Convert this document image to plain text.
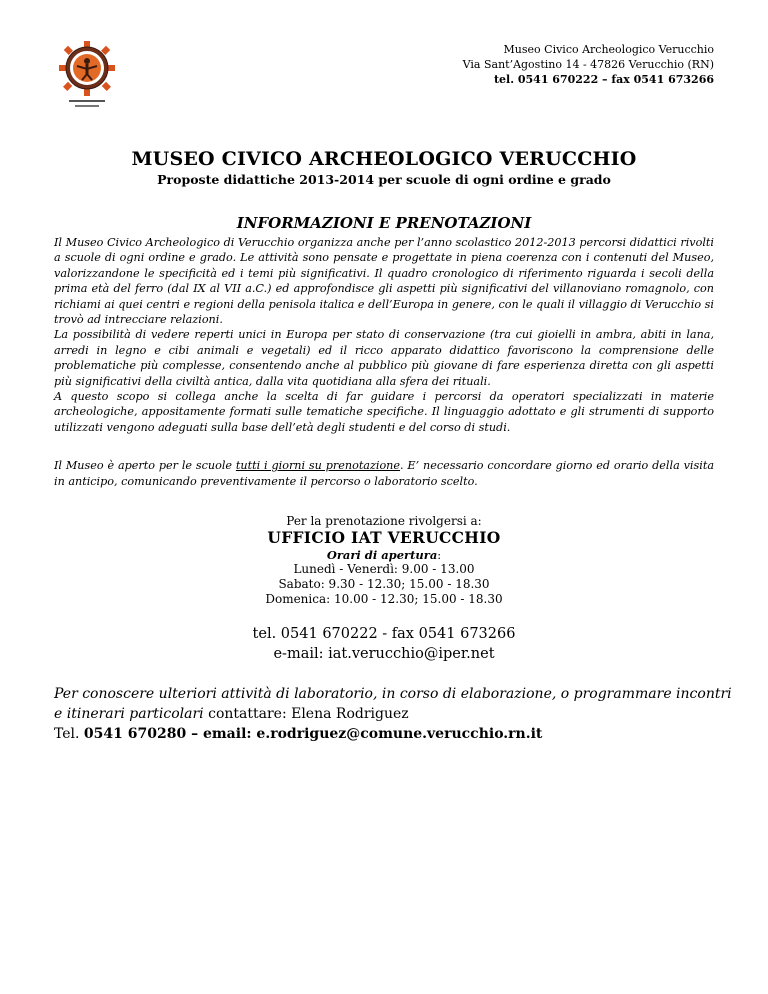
Museo Civico Archeologico Verucchio
Via Sant’Agostino 14 - 47826 Verucchio (RN)
tel. 0541 670222 – fax 0541 673266
MUSEO CIVICO ARCHEOLOGICO VERUCCHIO
Proposte didattiche 2013-2014 per scuole di ogni ordine e grado
INFORMAZIONI E PRENOTAZIONI

Il Museo Civico Archeologico di Verucchio organizza anche per l’anno scolastico 2012-2013 percorsi didattici rivolti a scuole di ogni ordine e grado. Le attività sono pensate e progettate in piena coerenza con i contenuti del Museo, valorizzandone le specificità ed i temi più significativi. Il quadro cronologico di riferimento riguarda i secoli della prima età del ferro (dal IX al VII a.C.) ed approfondisce gli aspetti più significativi del villanoviano romagnolo, con richiami ai quei centri e regioni della penisola italica e dell’Europa in genere, con le quali il villaggio di Verucchio si trovò ad intrecciare relazioni.

La possibilità di vedere reperti unici in Europa per stato di conservazione (tra cui gioielli in ambra, abiti in lana, arredi in legno e cibi animali e vegetali) ed il ricco apparato didattico favoriscono la comprensione delle problematiche più complesse, consentendo anche al pubblico più giovane di fare esperienza diretta con gli aspetti più significativi della civiltà antica, dalla vita quotidiana alla sfera dei rituali.

A questo scopo si collega anche la scelta di far guidare i percorsi da operatori specializzati in materie archeologiche, appositamente formati sulle tematiche specifiche. Il linguaggio adottato e gli strumenti di supporto utilizzati vengono adeguati sulla base dell’età degli studenti e del corso di studi.

Il Museo è aperto per le scuole tutti i giorni su prenotazione. E’ necessario concordare giorno ed orario della visita in anticipo, comunicando preventivamente il percorso o laboratorio scelto.
Per la prenotazione rivolgersi a:
UFFICIO IAT VERUCCHIO
Orari di apertura:
Lunedì - Venerdì: 9.00 - 13.00
Sabato: 9.30 - 12.30; 15.00 - 18.30
Domenica: 10.00 - 12.30; 15.00 - 18.30
tel. 0541 670222 - fax 0541 673266
e-mail: iat.verucchio@iper.net
Per conoscere ulteriori attività di laboratorio, in corso di elaborazione, o programmare incontri e itinerari particolari contattare: Elena Rodriguez
Tel. 0541 670280 – email: e.rodriguez@comune.verucchio.rn.it
